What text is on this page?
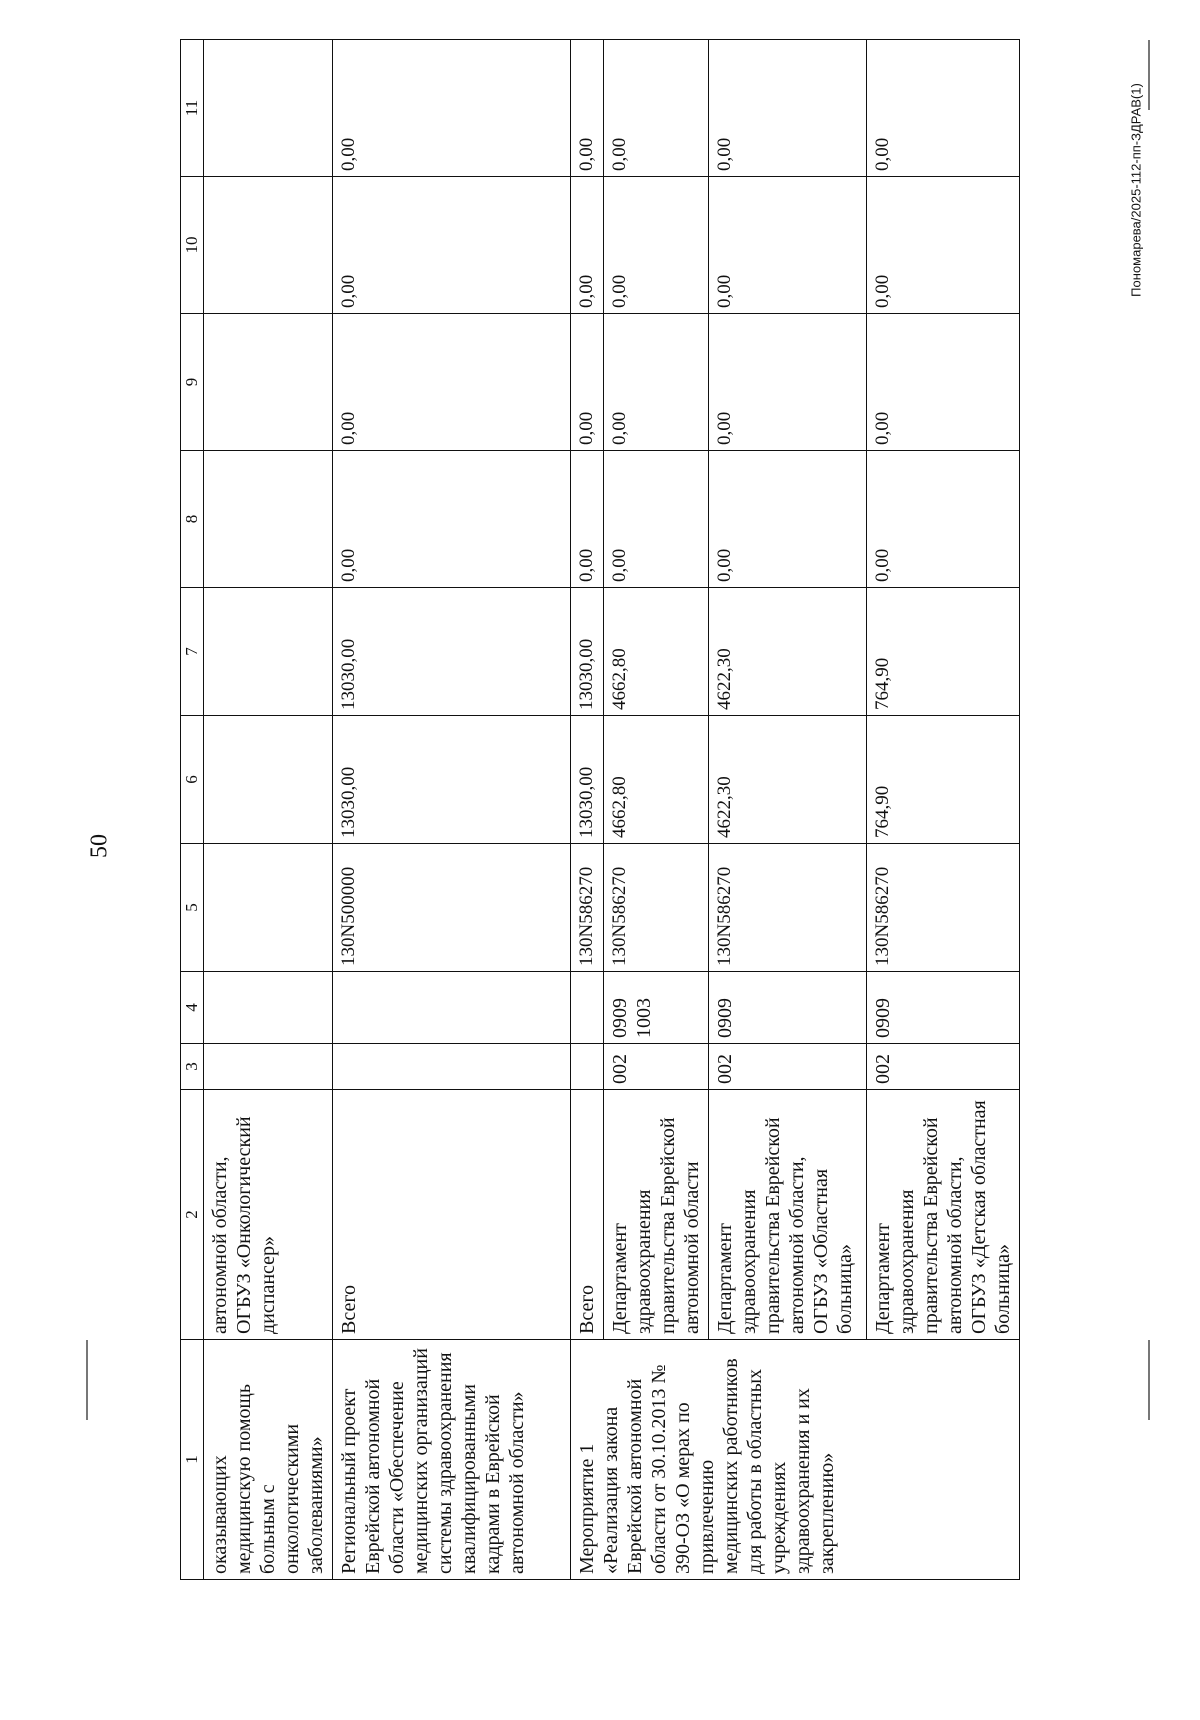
50
Пономарева/2025-112-пп-ЗДРАВ(1)
1	2	3	4	5	6	7	8	9	10	11
оказывающих медицинскую помощь больным с онкологическими заболеваниями»	автономной области, ОГБУЗ «Онкологический диспансер»									
Региональный проект Еврейской автономной области «Обеспечение медицинских организаций системы здравоохранения квалифицированными кадрами в Еврейской автономной области»	Всего			130N500000	13030,00	13030,00	0,00	0,00	0,00	0,00
Мероприятие 1 «Реализация закона Еврейской автономной области от 30.10.2013 № 390-ОЗ «О мерах по привлечению медицинских работников для работы в областных учреждениях здравоохранения и их закреплению»	Всего			130N586270	13030,00	13030,00	0,00	0,00	0,00	0,00
	Департамент здравоохранения правительства Еврейской автономной области	002	0909 1003	130N586270	4662,80	4662,80	0,00	0,00	0,00	0,00
	Департамент здравоохранения правительства Еврейской автономной области, ОГБУЗ «Областная больница»	002	0909	130N586270	4622,30	4622,30	0,00	0,00	0,00	0,00
	Департамент здравоохранения правительства Еврейской автономной области, ОГБУЗ «Детская областная больница»	002	0909	130N586270	764,90	764,90	0,00	0,00	0,00	0,00
